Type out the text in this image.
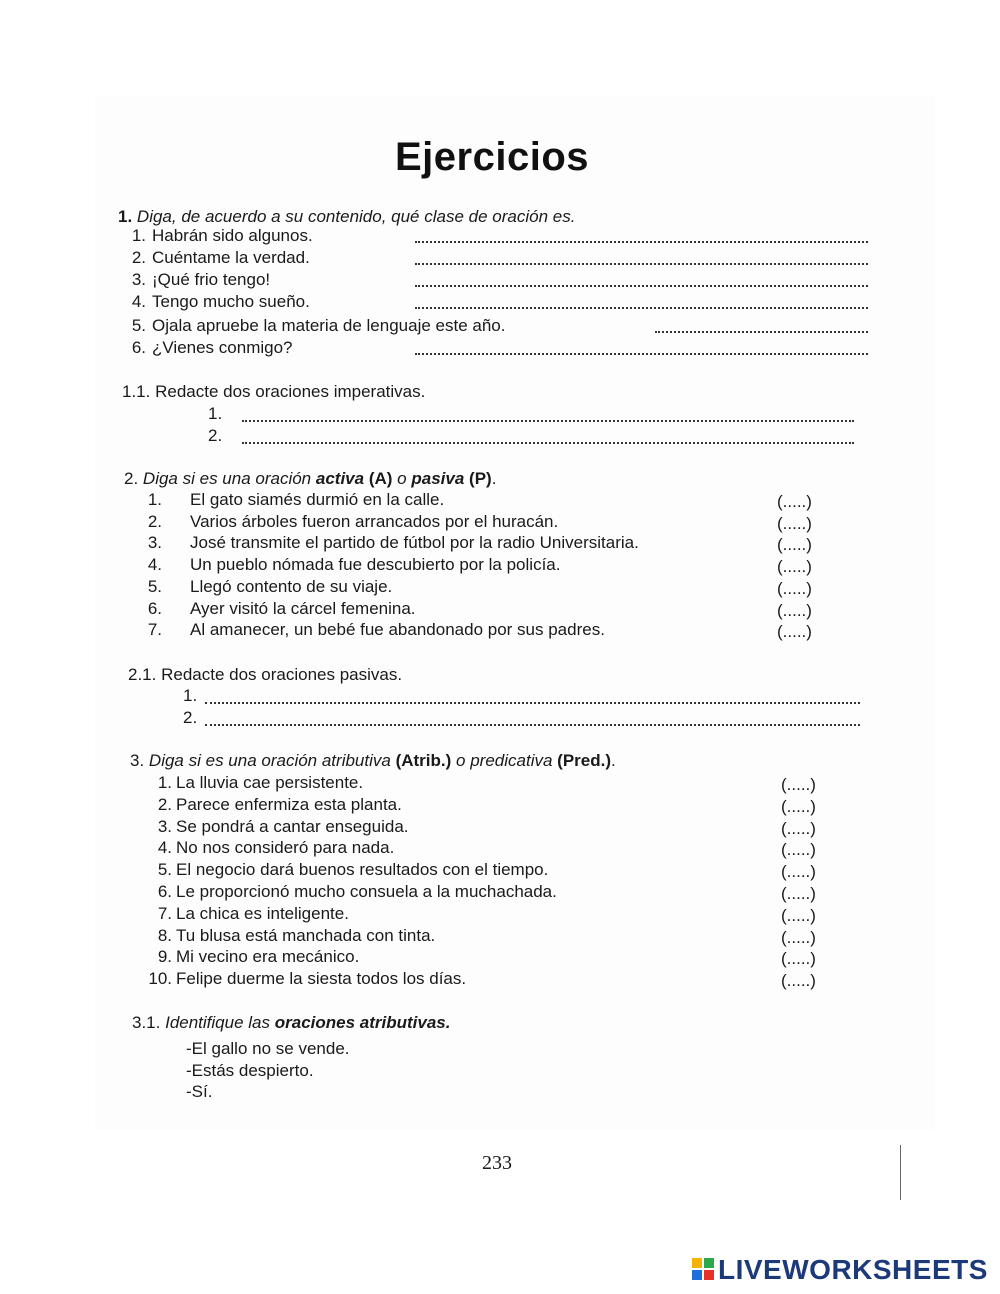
Ejercicios
1. Diga, de acuerdo a su contenido, qué clase de oración es.
1. Habrán sido algunos.
2. Cuéntame la verdad.
3. ¡Qué frio tengo!
4. Tengo mucho sueño.
5. Ojala apruebe la materia de lenguaje este año.
6. ¿Vienes conmigo?
1.1. Redacte dos oraciones imperativas.
1.
2.
2. Diga si es una oración activa (A) o pasiva (P).
1. El gato siamés durmió en la calle.	(.....)
2. Varios árboles fueron arrancados por el huracán.	(.....)
3. José transmite el partido de fútbol por la radio Universitaria.	(.....)
4. Un pueblo nómada fue descubierto por la policía.	(.....)
5. Llegó contento de su viaje.	(.....)
6. Ayer visitó la cárcel femenina.	(.....)
7. Al amanecer, un bebé fue abandonado por sus padres.	(.....)
2.1. Redacte dos oraciones pasivas.
1.
2.
3. Diga si es una oración atributiva (Atrib.) o predicativa (Pred.).
1. La lluvia cae persistente.	(.....)
2. Parece enfermiza esta planta.	(.....)
3. Se pondrá a cantar enseguida.	(.....)
4. No nos consideró para nada.	(.....)
5. El negocio dará buenos resultados con el tiempo.	(.....)
6. Le proporcionó mucho consuela a la muchachada.	(.....)
7. La chica es inteligente.	(.....)
8. Tu blusa está manchada con tinta.	(.....)
9. Mi vecino era mecánico.	(.....)
10. Felipe duerme la siesta todos los días.	(.....)
3.1. Identifique las oraciones atributivas.
-El gallo no se vende.
-Estás despierto.
-Sí.
233
LIVEWORKSHEETS
